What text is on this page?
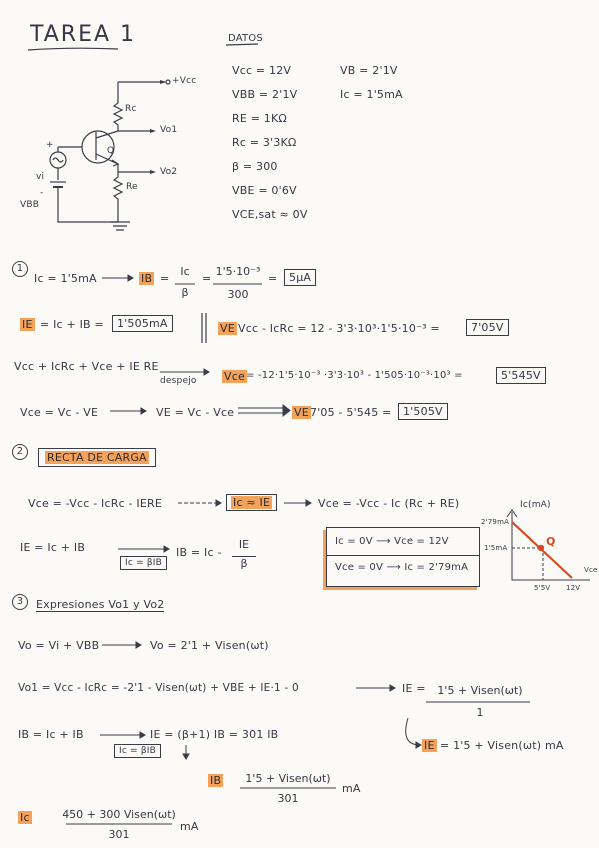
TAREA 1	DATOS
+Vcc
Rc
Vo1
Q
Vo2
Re
vi
+
VBB
-
Vcc = 12V
VBB = 2'1V
RE = 1KΩ
Rc = 3'3KΩ
β = 300
VBE = 0'6V
VCE,sat ≈ 0V
VB = 2'1V
Ic = 1'5mA
1
Ic = 1'5mA	IB =
Ic
β
=
1'5·10⁻³
300
=	5μA
IE = Ic + IB =	1'505mA	VE Vcc - IcRc = 12 - 3'3·10³·1'5·10⁻³ =	7'05V
Vcc + IcRc + Vce + IE RE
despejo Vce = -12·1'5·10⁻³ ·3'3·10³ - 1'505·10⁻³·10³ =	5'545V
Vce = Vc - VE	VE = Vc - Vce	VE 7'05 - 5'545 =	1'505V
2	RECTA DE CARGA
Vce = -Vcc - IcRc - IERE	Ic ≈ IE	Vce = -Vcc - Ic (Rc + RE)
IE = Ic + IB
Ic = βIB
IB = Ic -
IE
β
Ic = 0V ⟶ Vce = 12V
Vce = 0V ⟶ Ic = 2'79mA
Ic(mA)
Vce
2'79mA
1'5mA
5'5V 12V
Q
3	Expresiones Vo1 y Vo2
Vo = Vi + VBB	Vo = 2'1 + Visen(ωt)
Vo1 = Vcc - IcRc = -2'1 - Visen(ωt) + VBE + IE·1 - 0	IE =	1'5 + Visen(ωt)
1
IB = Ic + IB
Ic = βIB
IE = (β+1) IB = 301 IB
IE = 1'5 + Visen(ωt) mA
IB	1'5 + Visen(ωt)
301
mA
Ic	450 + 300 Visen(ωt)
301
mA
